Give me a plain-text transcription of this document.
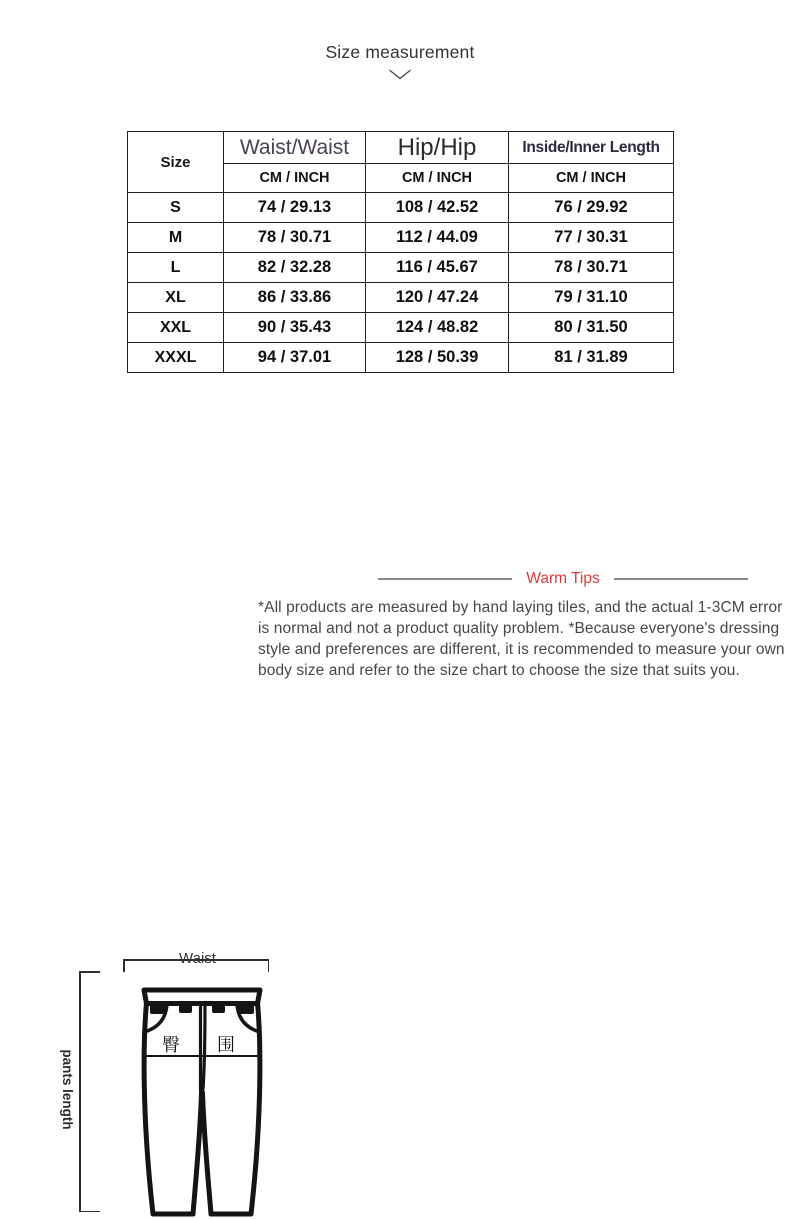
Size measurement
Size	Waist/Waist	Hip/Hip	Inside/Inner Length
	CM / INCH	CM / INCH	CM / INCH
S	74 / 29.13	108 / 42.52	76 / 29.92
M	78 / 30.71	112 / 44.09	77 / 30.31
L	82 / 32.28	116 / 45.67	78 / 30.71
XL	86 / 33.86	120 / 47.24	79 / 31.10
XXL	90 / 35.43	124 / 48.82	80 / 31.50
XXXL	94 / 37.01	128 / 50.39	81 / 31.89
Waist
pants length
臀 围
Warm Tips
*All products are measured by hand laying tiles, and the actual 1-3CM error is normal and not a product quality problem. *Because everyone's dressing style and preferences are different, it is recommended to measure your own body size and refer to the size chart to choose the size that suits you.
